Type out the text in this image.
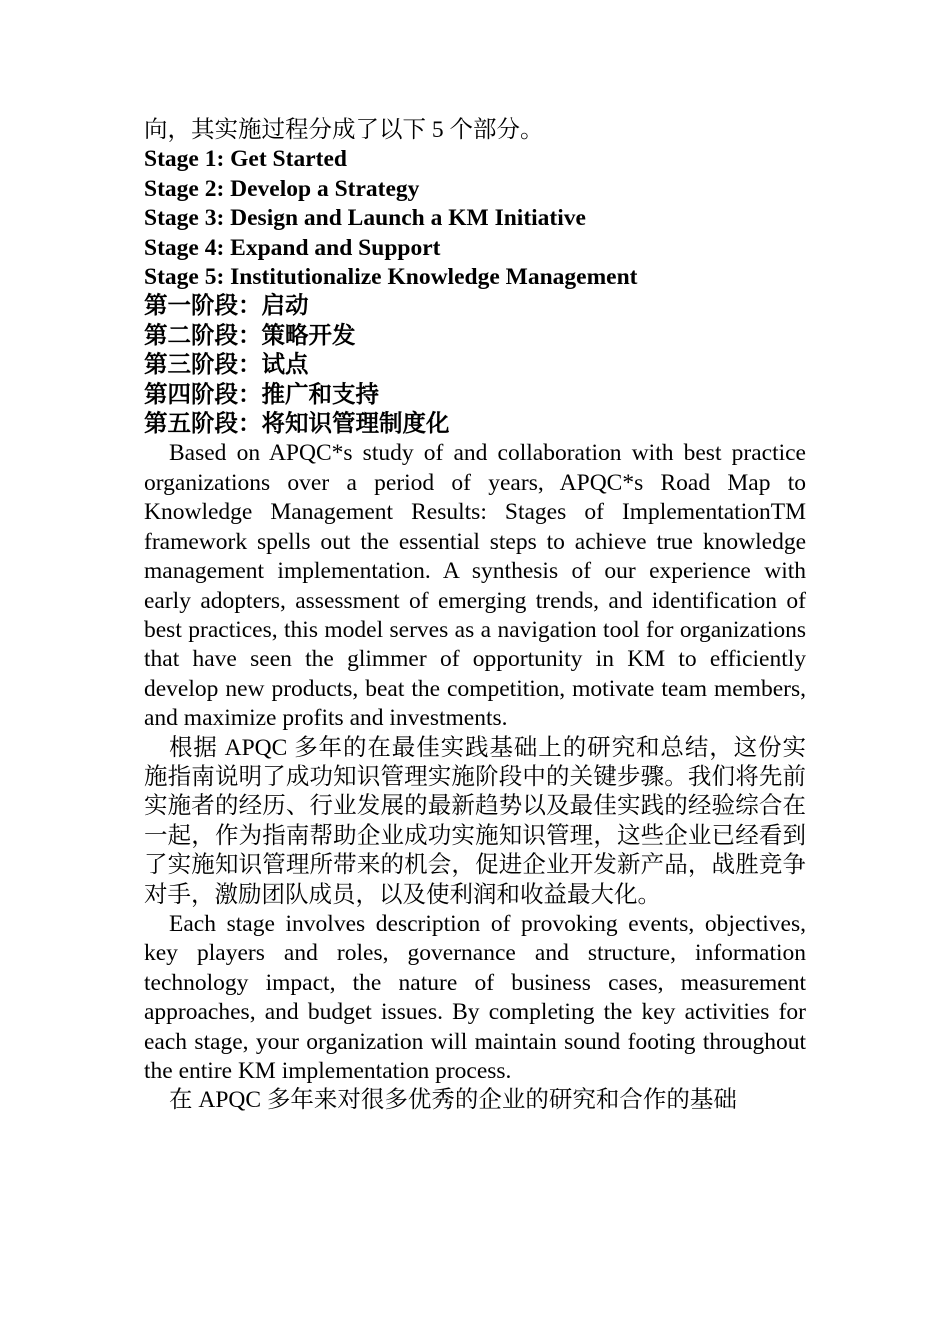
向，其实施过程分成了以下 5 个部分。
Stage 1: Get Started
Stage 2: Develop a Strategy
Stage 3: Design and Launch a KM Initiative
Stage 4: Expand and Support
Stage 5: Institutionalize Knowledge Management
第一阶段：启动
第二阶段：策略开发
第三阶段：试点
第四阶段：推广和支持
第五阶段：将知识管理制度化

Based on APQC*s study of and collaboration with best practice organizations over a period of years, APQC*s Road Map to Knowledge Management Results: Stages of ImplementationTM framework spells out the essential steps to achieve true knowledge management implementation. A synthesis of our experience with early adopters, assessment of emerging trends, and identification of best practices, this model serves as a navigation tool for organizations that have seen the glimmer of opportunity in KM to efficiently develop new products, beat the competition, motivate team members, and maximize profits and investments.

根据 APQC 多年的在最佳实践基础上的研究和总结，这份实施指南说明了成功知识管理实施阶段中的关键步骤。我们将先前实施者的经历、行业发展的最新趋势以及最佳实践的经验综合在一起，作为指南帮助企业成功实施知识管理，这些企业已经看到了实施知识管理所带来的机会，促进企业开发新产品，战胜竞争对手，激励团队成员，以及使利润和收益最大化。

Each stage involves description of provoking events, objectives, key players and roles, governance and structure, information technology impact, the nature of business cases, measurement approaches, and budget issues. By completing the key activities for each stage, your organization will maintain sound footing throughout the entire KM implementation process.

在 APQC 多年来对很多优秀的企业的研究和合作的基础
